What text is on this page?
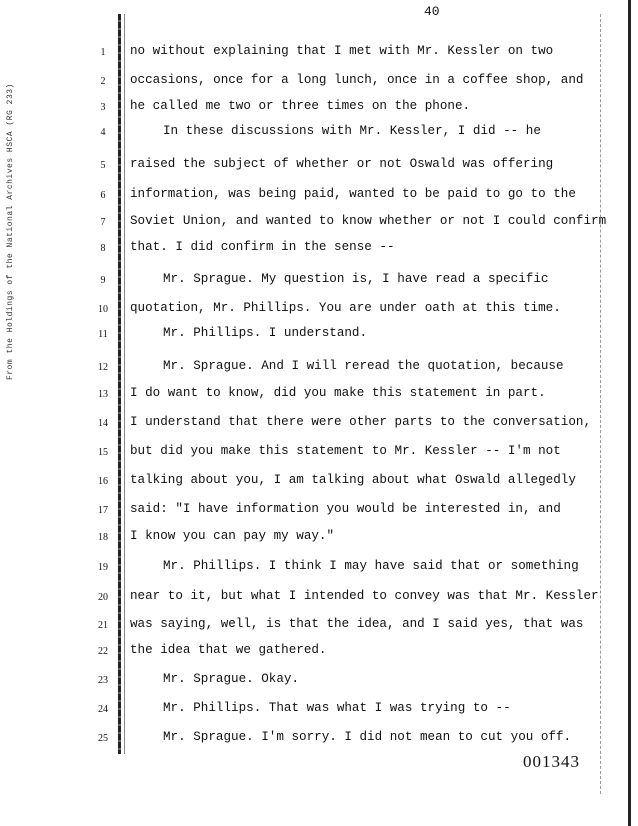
From the Holdings of the National Archives HSCA (RG 233)
40
1	no without explaining that I met with Mr. Kessler on two
2	occasions, once for a long lunch, once in a coffee shop, and
3	he called me two or three times on the phone.
4	In these discussions with Mr. Kessler, I did -- he
5	raised the subject of whether or not Oswald was offering
6	information, was being paid, wanted to be paid to go to the
7	Soviet Union, and wanted to know whether or not I could confirm
8	that. I did confirm in the sense --
9	Mr. Sprague. My question is, I have read a specific
10	quotation, Mr. Phillips. You are under oath at this time.
11	Mr. Phillips. I understand.
12	Mr. Sprague. And I will reread the quotation, because
13	I do want to know, did you make this statement in part.
14	I understand that there were other parts to the conversation,
15	but did you make this statement to Mr. Kessler -- I'm not
16	talking about you, I am talking about what Oswald allegedly
17	said: "I have information you would be interested in, and
18	I know you can pay my way."
19	Mr. Phillips. I think I may have said that or something
20	near to it, but what I intended to convey was that Mr. Kessler
21	was saying, well, is that the idea, and I said yes, that was
22	the idea that we gathered.
23	Mr. Sprague. Okay.
24	Mr. Phillips. That was what I was trying to --
25	Mr. Sprague. I'm sorry. I did not mean to cut you off.
001343
